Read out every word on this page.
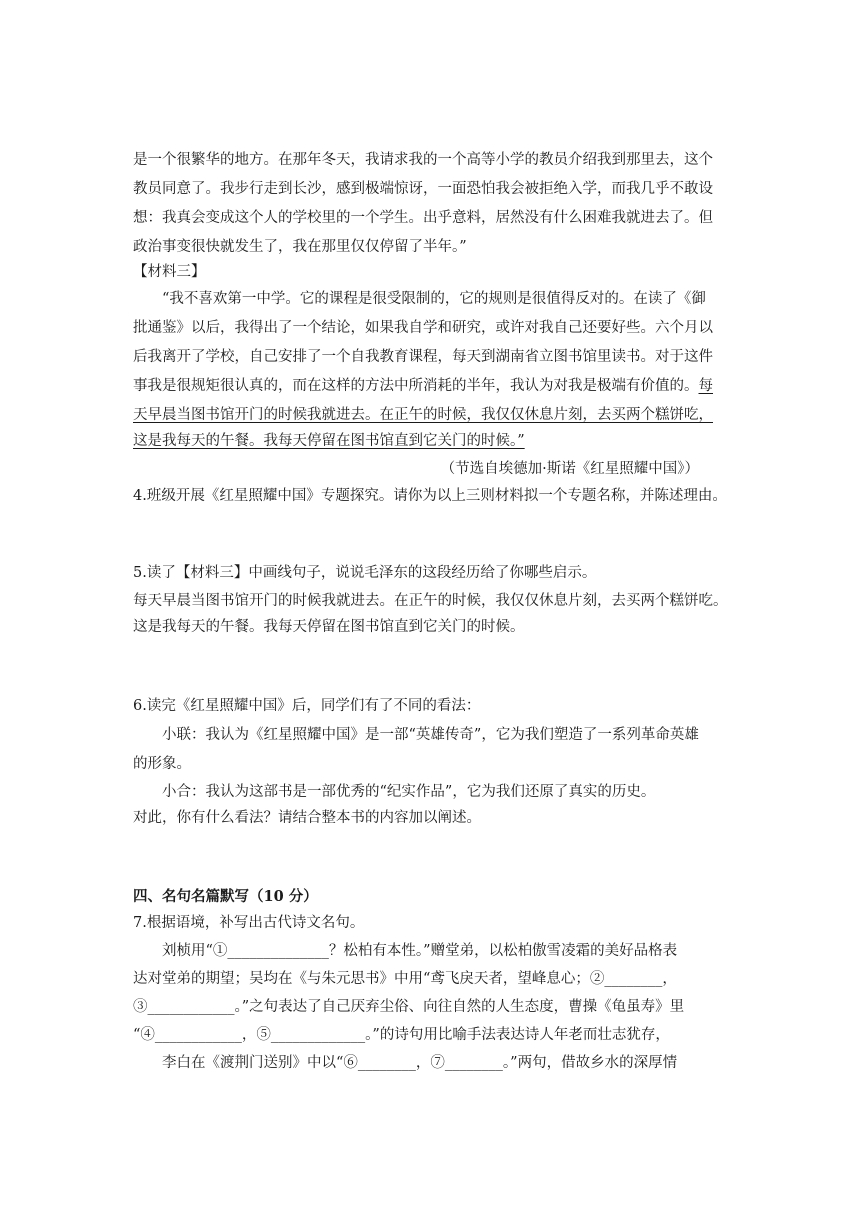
是一个很繁华的地方。在那年冬天，我请求我的一个高等小学的教员介绍我到那里去，这个
教员同意了。我步行走到长沙，感到极端惊讶，一面恐怕我会被拒绝入学，而我几乎不敢设
想：我真会变成这个人的学校里的一个学生。出乎意料，居然没有什么困难我就进去了。但
政治事变很快就发生了，我在那里仅仅停留了半年。”
【材料三】
“我不喜欢第一中学。它的课程是很受限制的，它的规则是很值得反对的。在读了《御
批通鉴》以后，我得出了一个结论，如果我自学和研究，或许对我自己还要好些。六个月以
后我离开了学校，自己安排了一个自我教育课程，每天到湖南省立图书馆里读书。对于这件
事我是很规矩很认真的，而在这样的方法中所消耗的半年，我认为对我是极端有价值的。每
天早晨当图书馆开门的时候我就进去。在正午的时候，我仅仅休息片刻，去买两个糕饼吃，
这是我每天的午餐。我每天停留在图书馆直到它关门的时候。”
（节选自埃德加·斯诺《红星照耀中国》）
4.班级开展《红星照耀中国》专题探究。请你为以上三则材料拟一个专题名称，并陈述理由。
5.读了【材料三】中画线句子，说说毛泽东的这段经历给了你哪些启示。
每天早晨当图书馆开门的时候我就进去。在正午的时候，我仅仅休息片刻，去买两个糕饼吃。
这是我每天的午餐。我每天停留在图书馆直到它关门的时候。
6.读完《红星照耀中国》后，同学们有了不同的看法：
小联：我认为《红星照耀中国》是一部“英雄传奇”，它为我们塑造了一系列革命英雄
的形象。
小合：我认为这部书是一部优秀的“纪实作品”，它为我们还原了真实的历史。
对此，你有什么看法？请结合整本书的内容加以阐述。
四、名句名篇默写（10 分）
7.根据语境，补写出古代诗文名句。
刘桢用“①______________？松柏有本性。”赠堂弟，以松柏傲雪凌霜的美好品格表
达对堂弟的期望；吴均在《与朱元思书》中用“鸢飞戾天者，望峰息心；②________，
③____________。”之句表达了自己厌弃尘俗、向往自然的人生态度，曹操《龟虽寿》里
“④____________，⑤_____________。”的诗句用比喻手法表达诗人年老而壮志犹存，
李白在《渡荆门送别》中以“⑥________，⑦________。”两句，借故乡水的深厚情
